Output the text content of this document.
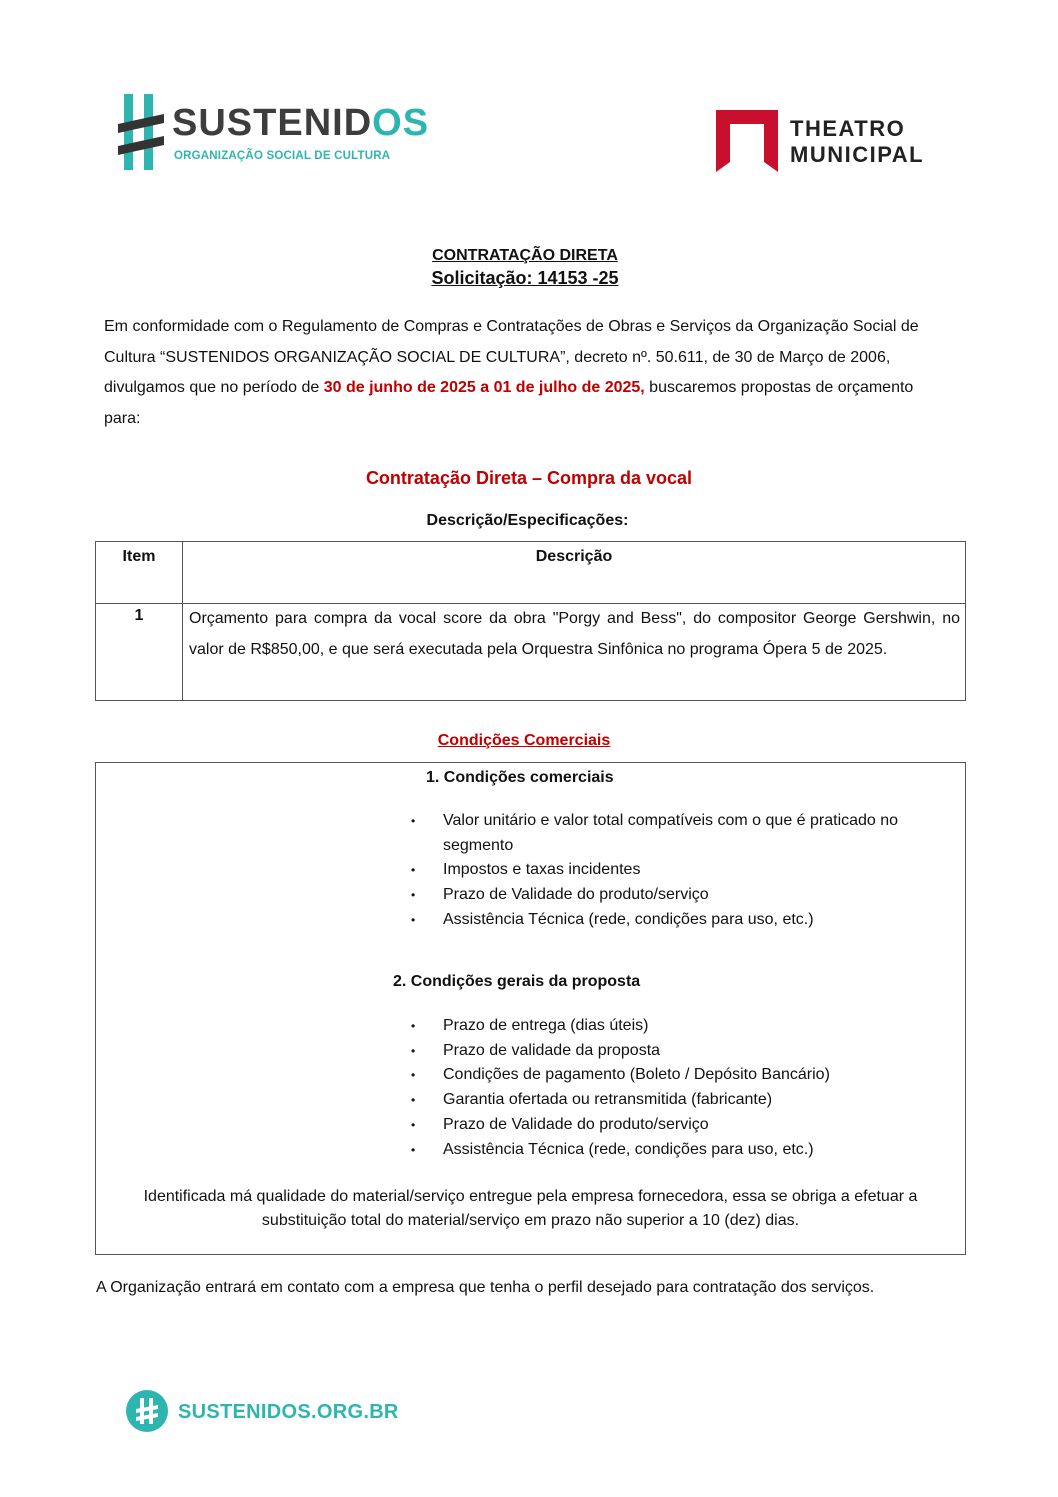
SUSTENIDOS
ORGANIZAÇÃO SOCIAL DE CULTURA
THEATRO
MUNICIPAL
CONTRATAÇÃO DIRETA
Solicitação: 14153 -25
Em conformidade com o Regulamento de Compras e Contratações de Obras e Serviços da Organização Social de Cultura “SUSTENIDOS ORGANIZAÇÃO SOCIAL DE CULTURA”, decreto nº. 50.611, de 30 de Março de 2006, divulgamos que no período de 30 de junho de 2025 a 01 de julho de 2025, buscaremos propostas de orçamento para:
Contratação Direta – Compra da vocal
Descrição/Especificações:
Item	Descrição
1	Orçamento para compra da vocal score da obra "Porgy and Bess", do compositor George Gershwin, no valor de R$850,00, e que será executada pela Orquestra Sinfônica no programa Ópera 5 de 2025.
Condições Comerciais
1. Condições comerciais
•	Valor unitário e valor total compatíveis com o que é praticado no segmento
•	Impostos e taxas incidentes
•	Prazo de Validade do produto/serviço
•	Assistência Técnica (rede, condições para uso, etc.)
2. Condições gerais da proposta
•	Prazo de entrega (dias úteis)
•	Prazo de validade da proposta
•	Condições de pagamento (Boleto / Depósito Bancário)
•	Garantia ofertada ou retransmitida (fabricante)
•	Prazo de Validade do produto/serviço
•	Assistência Técnica (rede, condições para uso, etc.)
Identificada má qualidade do material/serviço entregue pela empresa fornecedora, essa se obriga a efetuar a substituição total do material/serviço em prazo não superior a 10 (dez) dias.
A Organização entrará em contato com a empresa que tenha o perfil desejado para contratação dos serviços.
SUSTENIDOS.ORG.BR
